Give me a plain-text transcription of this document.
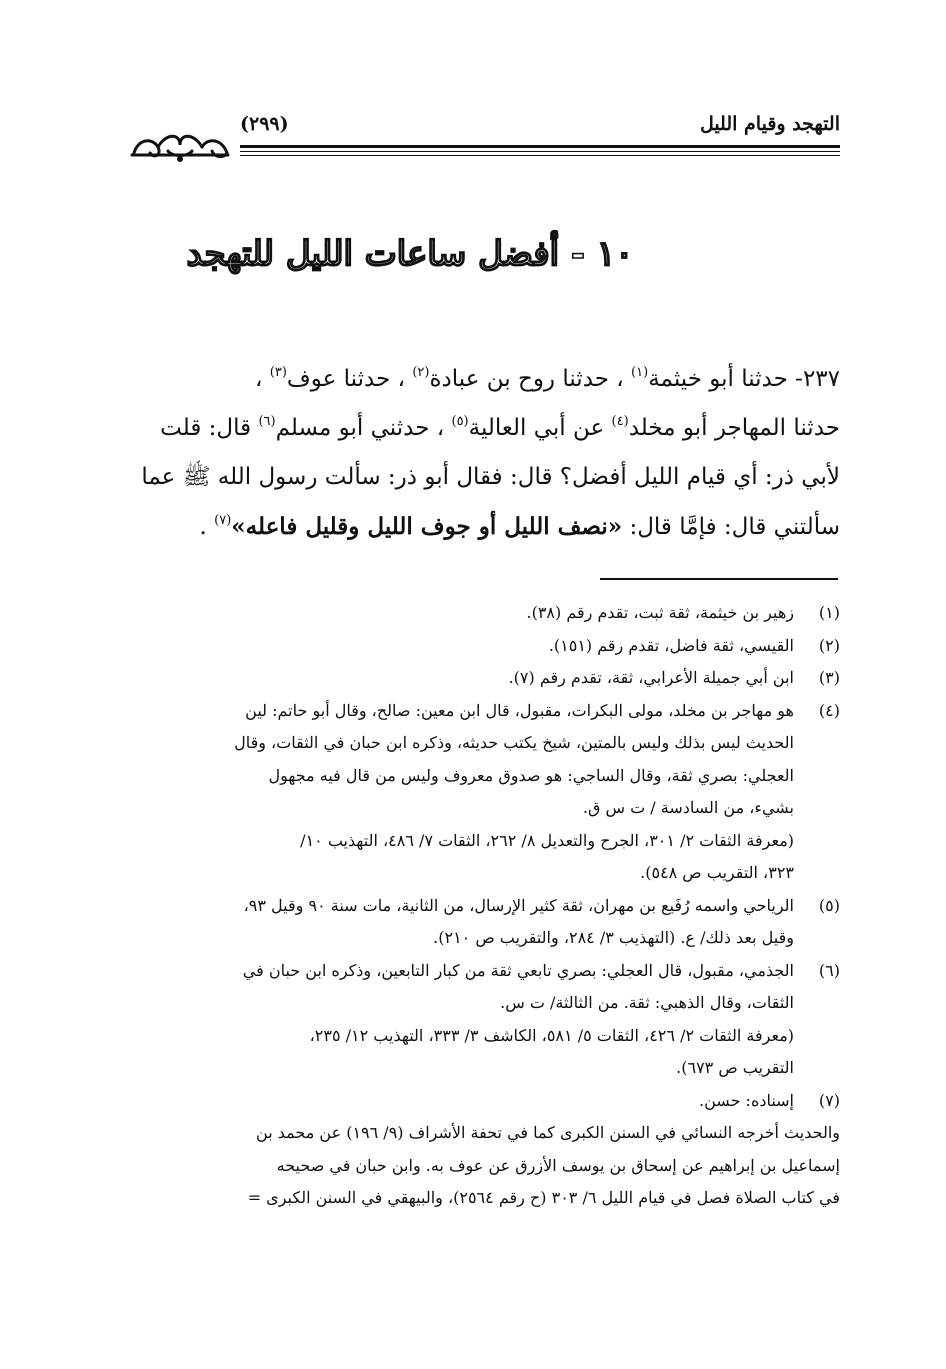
التهجد وقيام الليل
(٢٩٩)
١٠ - أفضل ساعات الليل للتهجد

٢٣٧- حدثنا أبو خيثمة$^{(١)}$ ، حدثنا روح بن عبادة$^{(٢)}$ ، حدثنا عوف$^{(٣)}$ ،

حدثنا المهاجر أبو مخلد$^{(٤)}$ عن أبي العالية$^{(٥)}$ ، حدثني أبو مسلم$^{(٦)}$ قال: قلت

لأبي ذر: أي قيام الليل أفضل؟ قال: فقال أبو ذر: سألت رسول الله ﷺ عما

سألتني قال: فإمَّا قال: «نصف الليل أو جوف الليل وقليل فاعله»$^{(٧)}$ .

(١)
زهير بن خيثمة، ثقة ثبت، تقدم رقم (٣٨).
(٢)
القيسي، ثقة فاضل، تقدم رقم (١٥١).
(٣)
ابن أبي جميلة الأعرابي، ثقة، تقدم رقم (٧).
(٤)
هو مهاجر بن مخلد، مولى البكرات، مقبول، قال ابن معين: صالح، وقال أبو حاتم: لين
الحديث ليس بذلك وليس بالمتين، شيخ يكتب حديثه، وذكره ابن حبان في الثقات، وقال
العجلي: بصري ثقة، وقال الساجي: هو صدوق معروف وليس من قال فيه مجهول
بشيء، من السادسة / ت س ق.
(معرفة الثقات ٢/ ٣٠١، الجرح والتعديل ٨/ ٢٦٢، الثقات ٧/ ٤٨٦، التهذيب ١٠/
٣٢٣، التقريب ص ٥٤٨).
(٥)
الرياحي واسمه رُفَيع بن مهران، ثقة كثير الإرسال، من الثانية، مات سنة ٩٠ وقيل ٩٣،
وقيل بعد ذلك/ ع. (التهذيب ٣/ ٢٨٤، والتقريب ص ٢١٠).
(٦)
الجذمي، مقبول، قال العجلي: بصري تابعي ثقة من كبار التابعين، وذكره ابن حبان في
الثقات، وقال الذهبي: ثقة. من الثالثة/ ت س.
(معرفة الثقات ٢/ ٤٢٦، الثقات ٥/ ٥٨١، الكاشف ٣/ ٣٣٣، التهذيب ١٢/ ٢٣٥،
التقريب ص ٦٧٣).
(٧)
إسناده: حسن.
والحديث أخرجه النسائي في السنن الكبرى كما في تحفة الأشراف (٩/ ١٩٦) عن محمد بن
إسماعيل بن إبراهيم عن إسحاق بن يوسف الأزرق عن عوف به. وابن حبان في صحيحه
في كتاب الصلاة فصل في قيام الليل ٦/ ٣٠٣ (ح رقم ٢٥٦٤)، والبيهقي في السنن الكبرى =
